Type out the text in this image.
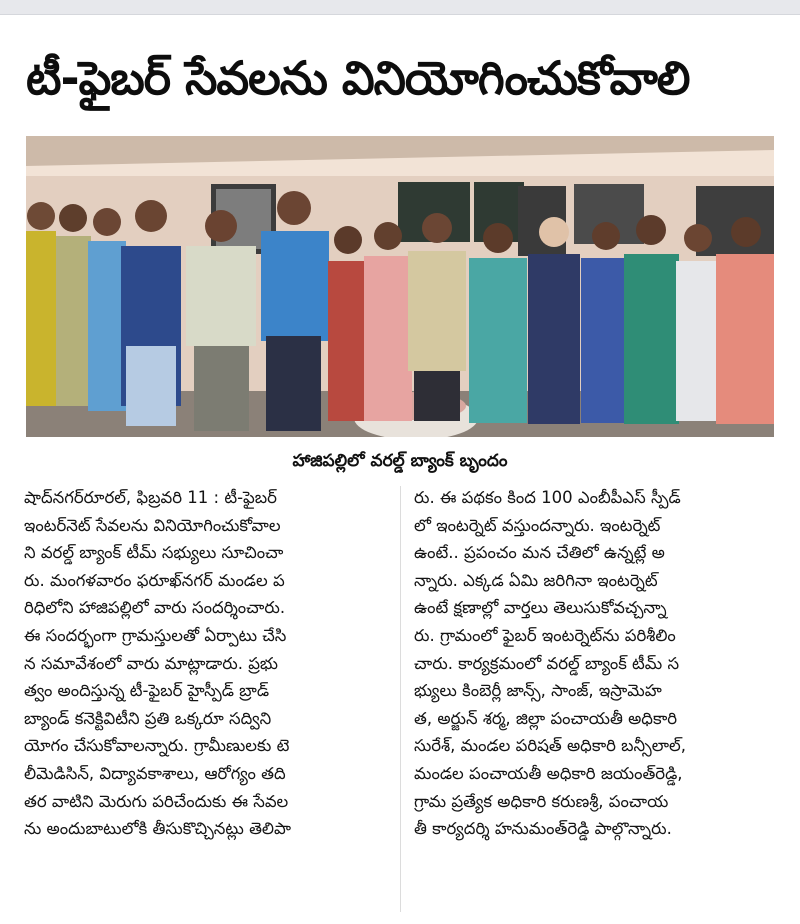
టీ-ఫైబర్ సేవలను వినియోగించుకోవాలి

హాజిపల్లిలో వరల్డ్ బ్యాంక్ బృందం

షాద్‌నగర్‌రూరల్, ఫిబ్రవరి 11 : టీ-ఫైబర్
ఇంటర్‌నెట్ సేవలను వినియోగించుకోవాల
ని వరల్డ్ బ్యాంక్ టీమ్ సభ్యులు సూచించా
రు. మంగళవారం ఫరూఖ్‌నగర్ మండల ప
రిధిలోని హాజిపల్లిలో వారు సందర్శించారు.
ఈ సందర్భంగా గ్రామస్తులతో ఏర్పాటు చేసి
న సమావేశంలో వారు మాట్లాడారు. ప్రభు
త్వం అందిస్తున్న టీ-ఫైబర్ హైస్పీడ్ బ్రాడ్
బ్యాండ్ కనెక్టివిటీని ప్రతి ఒక్కరూ సద్విని
యోగం చేసుకోవాలన్నారు. గ్రామీణులకు టె
లీమెడిసిన్, విద్యావకాశాలు, ఆరోగ్యం తది
తర వాటిని మెరుగు పరిచేందుకు ఈ సేవల
ను అందుబాటులోకి తీసుకొచ్చినట్లు తెలిపా
రు. ఈ పథకం కింద 100 ఎంబీపీఎస్ స్పీడ్
లో ఇంటర్నెట్ వస్తుందన్నారు. ఇంటర్నెట్
ఉంటే.. ప్రపంచం మన చేతిలో ఉన్నట్లే అ
న్నారు. ఎక్కడ ఏమి జరిగినా ఇంటర్నెట్
ఉంటే క్షణాల్లో వార్తలు తెలుసుకోవచ్చన్నా
రు. గ్రామంలో ఫైబర్ ఇంటర్నెట్‌ను పరిశీలిం
చారు. కార్యక్రమంలో వరల్డ్ బ్యాంక్ టీమ్ స
భ్యులు కింబెర్లీ జాన్స్, సాంజ్, ఇస్రామెహ
త, అర్జున్ శర్మ, జిల్లా పంచాయతీ అధికారి
సురేశ్, మండల పరిషత్ అధికారి బన్సీలాల్,
మండల పంచాయతీ అధికారి జయంత్‌రెడ్డి,
గ్రామ ప్రత్యేక అధికారి కరుణశ్రీ, పంచాయ
తీ కార్యదర్శి హనుమంత్‌రెడ్డి పాల్గొన్నారు.
